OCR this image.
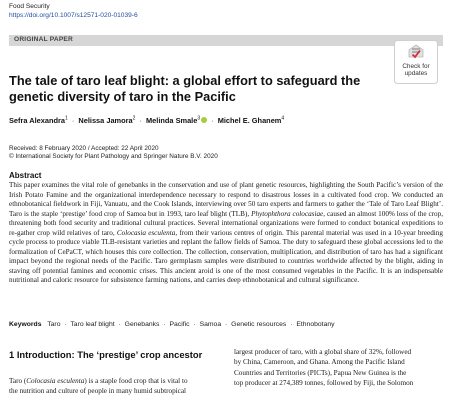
Food Security
https://doi.org/10.1007/s12571-020-01039-6
ORIGINAL PAPER
Check for
updates
The tale of taro leaf blight: a global effort to safeguard the genetic diversity of taro in the Pacific
Sefra Alexandra$^1$ · Nelissa Jamora$^2$ · Melinda Smale$^3$ · Michel E. Ghanem$^4$
Received: 8 February 2020 / Accepted: 22 April 2020
© International Society for Plant Pathology and Springer Nature B.V. 2020
Abstract

This paper examines the vital role of genebanks in the conservation and use of plant genetic resources, highlighting the South Pacific’s version of the Irish Potato Famine and the organizational interdependence necessary to respond to disastrous losses in a cultivated food crop. We conducted an ethnobotanical fieldwork in Fiji, Vanuatu, and the Cook Islands, interviewing over 50 taro experts and farmers to gather the ‘Tale of Taro Leaf Blight’. Taro is the staple ‘prestige’ food crop of Samoa but in 1993, taro leaf blight (TLB), Phytophthora colocasiae, caused an almost 100% loss of the crop, threatening both food security and traditional cultural practices. Several international organizations were formed to conduct botanical expeditions to re-gather crop wild relatives of taro, Colocasia esculenta, from their various centres of origin. This parental material was used in a 10-year breeding cycle process to produce viable TLB-resistant varieties and replant the fallow fields of Samoa. The duty to safeguard these global accessions led to the formalization of CePaCT, which houses this core collection. The collection, conservation, multiplication, and distribution of taro has had a significant impact beyond the regional needs of the Pacific. Taro germplasm samples were distributed to countries worldwide affected by the blight, aiding in staving off potential famines and economic crises. This ancient aroid is one of the most consumed vegetables in the Pacific. It is an indispensable nutritional and caloric resource for subsistence farming nations, and carries deep ethnobotanical and cultural significance.

Keywords Taro · Taro leaf blight · Genebanks · Pacific · Samoa · Genetic resources · Ethnobotany
1 Introduction: The ‘prestige’ crop ancestor
Taro (Colocasia esculenta) is a staple food crop that is vital to
the nutrition and culture of people in many humid subtropical
largest producer of taro, with a global share of 32%, followed
by China, Cameroon, and Ghana. Among the Pacific Island
Countries and Territories (PICTs), Papua New Guinea is the
top producer at 274,389 tonnes, followed by Fiji, the Solomon
